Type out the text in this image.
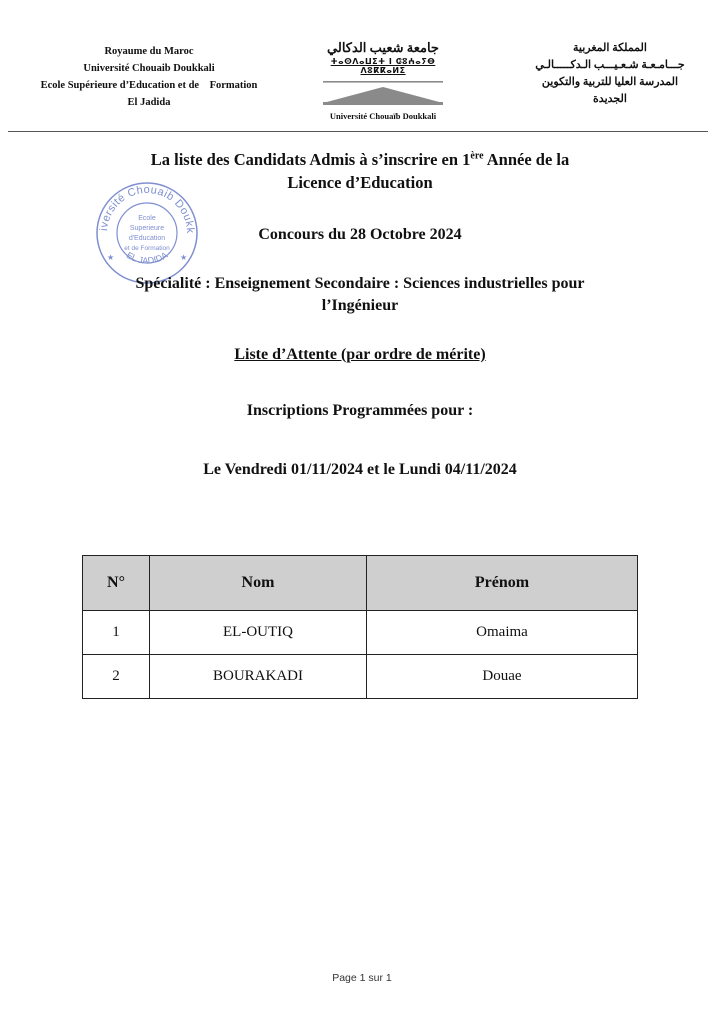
Royaume du Maroc
Université Chouaib Doukkali
Ecole Supérieure d’Education et de    Formation
El Jadida
جامعة شعيب الدكالي
ⵜⴰⵙⴷⴰⵡⵉⵜ ⵏ ⵛⵓⵄⴰⵢⴱ ⴷⵓⴽⴽⴰⵍⵉ
Université Chouaïb Doukkali
المملكة المغربية
جـــامـعـة شـعـيـــب الـدكـــــالـي
المدرسة العليا للتربية والتكوين
الجديدة
La liste des Candidats Admis à s’inscrire en 1ère Année de la
Licence d’Education
iversité Chouaib Doukk
EL JADIDA
Ecole
Superieure
d'Education
et de Formation
★	★
Concours du 28 Octobre 2024
Spécialité : Enseignement Secondaire : Sciences industrielles pour
l’Ingénieur
Liste d’Attente (par ordre de mérite)
Inscriptions Programmées pour :
Le Vendredi 01/11/2024 et le Lundi 04/11/2024
N°	Nom	Prénom
1	EL-OUTIQ	Omaima
2	BOURAKADI	Douae
Page 1 sur 1
